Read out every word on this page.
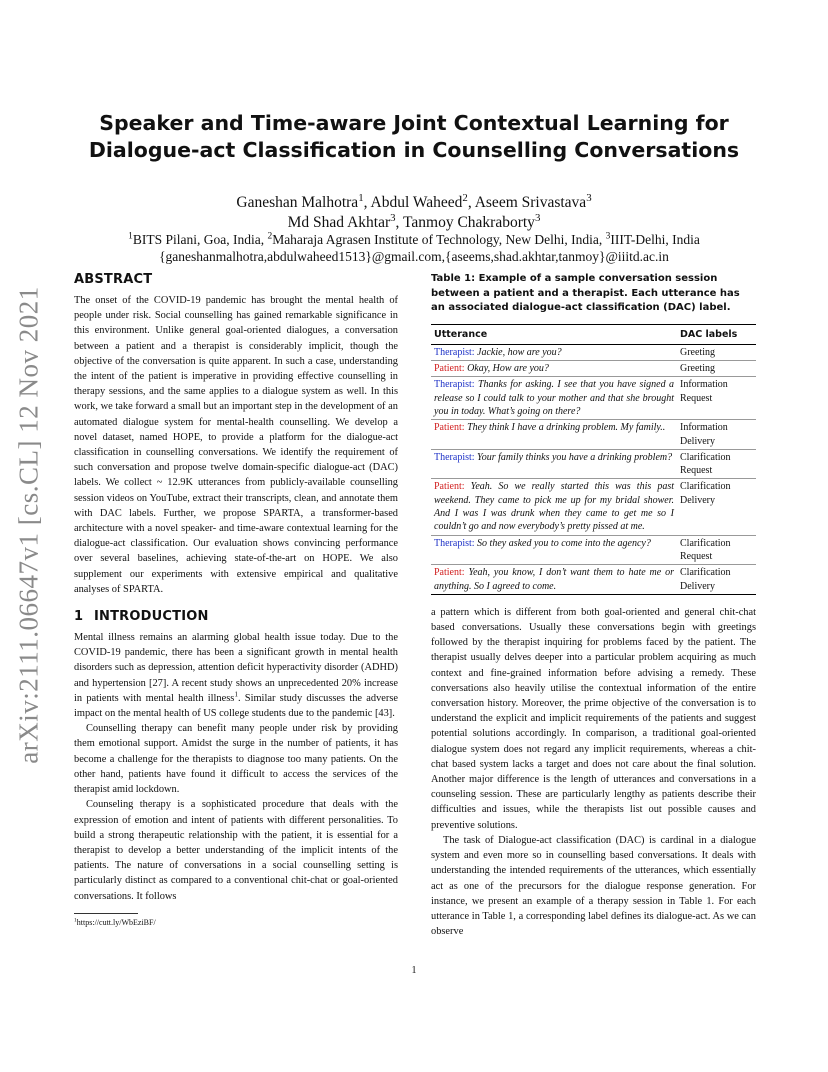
arXiv:2111.06647v1 [cs.CL] 12 Nov 2021
Speaker and Time-aware Joint Contextual Learning for
Dialogue-act Classification in Counselling Conversations
Ganeshan Malhotra$^1$, Abdul Waheed$^2$, Aseem Srivastava$^3$
Md Shad Akhtar$^3$, Tanmoy Chakraborty$^3$
$^1$BITS Pilani, Goa, India, $^2$Maharaja Agrasen Institute of Technology, New Delhi, India, $^3$IIIT-Delhi, India
{ganeshanmalhotra,abdulwaheed1513}@gmail.com,{aseems,shad.akhtar,tanmoy}@iiitd.ac.in
ABSTRACT

The onset of the COVID-19 pandemic has brought the mental health of people under risk. Social counselling has gained remarkable significance in this environment. Unlike general goal-oriented dialogues, a conversation between a patient and a therapist is considerably implicit, though the objective of the conversation is quite apparent. In such a case, understanding the intent of the patient is imperative in providing effective counselling in therapy sessions, and the same applies to a dialogue system as well. In this work, we take forward a small but an important step in the development of an automated dialogue system for mental-health counselling. We develop a novel dataset, named HOPE, to provide a platform for the dialogue-act classification in counselling conversations. We identify the requirement of such conversation and propose twelve domain-specific dialogue-act (DAC) labels. We collect ~ 12.9K utterances from publicly-available counselling session videos on YouTube, extract their transcripts, clean, and annotate them with DAC labels. Further, we propose SPARTA, a transformer-based architecture with a novel speaker- and time-aware contextual learning for the dialogue-act classification. Our evaluation shows convincing performance over several baselines, achieving state-of-the-art on HOPE. We also supplement our experiments with extensive empirical and qualitative analyses of SPARTA.

1 INTRODUCTION

Mental illness remains an alarming global health issue today. Due to the COVID-19 pandemic, there has been a significant growth in mental health disorders such as depression, attention deficit hyperactivity disorder (ADHD) and hypertension [27]. A recent study shows an unprecedented 20% increase in patients with mental health illness$^1$. Similar study discusses the adverse impact on the mental health of US college students due to the pandemic [43].

Counselling therapy can benefit many people under risk by providing them emotional support. Amidst the surge in the number of patients, it has become a challenge for the therapists to diagnose too many patients. On the other hand, patients have found it difficult to access the services of the therapist amid lockdown.

Counseling therapy is a sophisticated procedure that deals with the expression of emotion and intent of patients with different personalities. To build a strong therapeutic relationship with the patient, it is essential for a therapist to develop a better understanding of the implicit intents of the patients. The nature of conversations in a social counselling setting is particularly distinct as compared to a conventional chit-chat or goal-oriented conversations. It follows

$^1$https://cutt.ly/WbEziBF/
Table 1: Example of a sample conversation session between a patient and a therapist. Each utterance has an associated dialogue-act classification (DAC) label.
Utterance	DAC labels
Therapist: Jackie, how are you?	Greeting
Patient: Okay, How are you?	Greeting
Therapist: Thanks for asking. I see that you have signed a release so I could talk to your mother and that she brought you in today. What’s going on there?	Information Request
Patient: They think I have a drinking problem. My family..	Information Delivery
Therapist: Your family thinks you have a drinking problem?	Clarification Request
Patient: Yeah. So we really started this was this past weekend. They came to pick me up for my bridal shower. And I was I was drunk when they came to get me so I couldn’t go and now everybody’s pretty pissed at me.	Clarification Delivery
Therapist: So they asked you to come into the agency?	Clarification Request
Patient: Yeah, you know, I don’t want them to hate me or anything. So I agreed to come.	Clarification Delivery

a pattern which is different from both goal-oriented and general chit-chat based conversations. Usually these conversations begin with greetings followed by the therapist inquiring for problems faced by the patient. The therapist usually delves deeper into a particular problem acquiring as much context and fine-grained information before advising a remedy. These conversations also heavily utilise the contextual information of the entire conversation history. Moreover, the prime objective of the conversation is to understand the explicit and implicit requirements of the patients and suggest potential solutions accordingly. In comparison, a traditional goal-oriented dialogue system does not regard any implicit requirements, whereas a chit-chat based system lacks a target and does not care about the final solution. Another major difference is the length of utterances and conversations in a counseling session. These are particularly lengthy as patients describe their difficulties and issues, while the therapists list out possible causes and preventive solutions.

The task of Dialogue-act classification (DAC) is cardinal in a dialogue system and even more so in counselling based conversations. It deals with understanding the intended requirements of the utterances, which essentially act as one of the precursors for the dialogue response generation. For instance, we present an example of a therapy session in Table 1. For each utterance in Table 1, a corresponding label defines its dialogue-act. As we can observe

1
